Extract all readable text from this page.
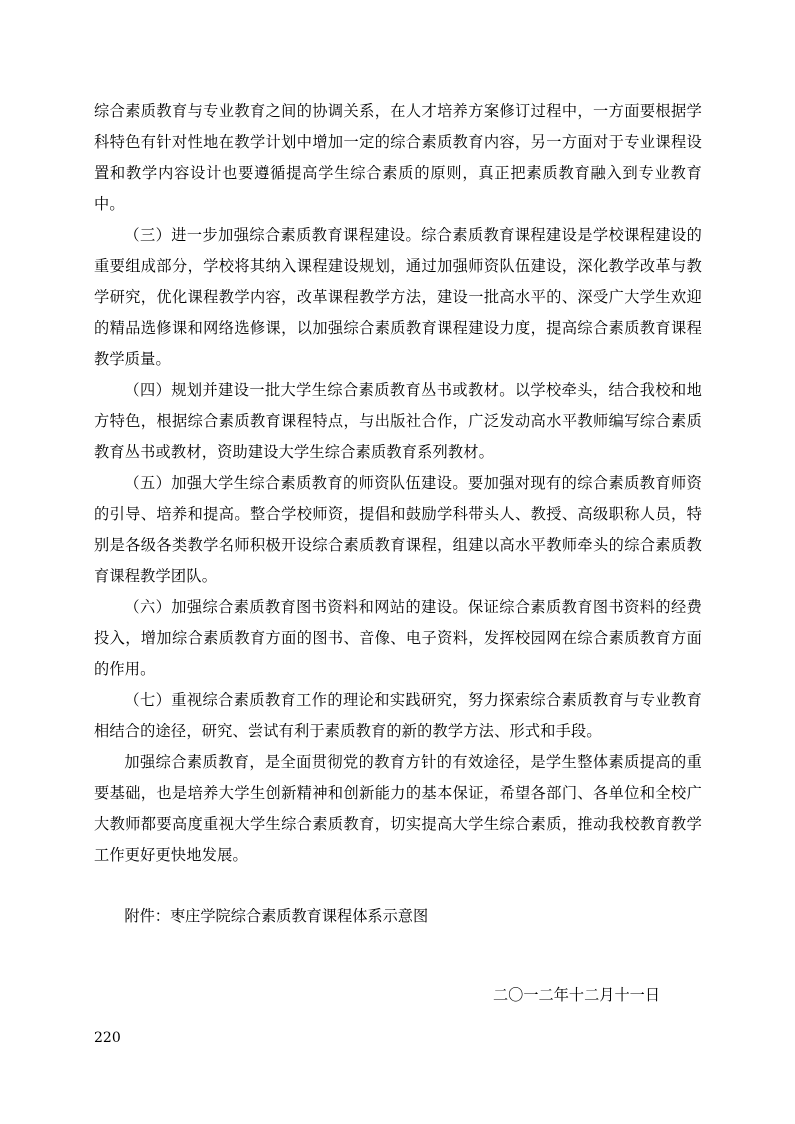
综合素质教育与专业教育之间的协调关系，在人才培养方案修订过程中，一方面要根据学科特色有针对性地在教学计划中增加一定的综合素质教育内容，另一方面对于专业课程设置和教学内容设计也要遵循提高学生综合素质的原则，真正把素质教育融入到专业教育中。

（三）进一步加强综合素质教育课程建设。综合素质教育课程建设是学校课程建设的重要组成部分，学校将其纳入课程建设规划，通过加强师资队伍建设，深化教学改革与教学研究，优化课程教学内容，改革课程教学方法，建设一批高水平的、深受广大学生欢迎的精品选修课和网络选修课，以加强综合素质教育课程建设力度，提高综合素质教育课程教学质量。

（四）规划并建设一批大学生综合素质教育丛书或教材。以学校牵头，结合我校和地方特色，根据综合素质教育课程特点，与出版社合作，广泛发动高水平教师编写综合素质教育丛书或教材，资助建设大学生综合素质教育系列教材。

（五）加强大学生综合素质教育的师资队伍建设。要加强对现有的综合素质教育师资的引导、培养和提高。整合学校师资，提倡和鼓励学科带头人、教授、高级职称人员，特别是各级各类教学名师积极开设综合素质教育课程，组建以高水平教师牵头的综合素质教育课程教学团队。

（六）加强综合素质教育图书资料和网站的建设。保证综合素质教育图书资料的经费投入，增加综合素质教育方面的图书、音像、电子资料，发挥校园网在综合素质教育方面的作用。

（七）重视综合素质教育工作的理论和实践研究，努力探索综合素质教育与专业教育相结合的途径，研究、尝试有利于素质教育的新的教学方法、形式和手段。

加强综合素质教育，是全面贯彻党的教育方针的有效途径，是学生整体素质提高的重要基础，也是培养大学生创新精神和创新能力的基本保证，希望各部门、各单位和全校广大教师都要高度重视大学生综合素质教育，切实提高大学生综合素质，推动我校教育教学工作更好更快地发展。

附件：枣庄学院综合素质教育课程体系示意图

二〇一二年十二月十一日

220
